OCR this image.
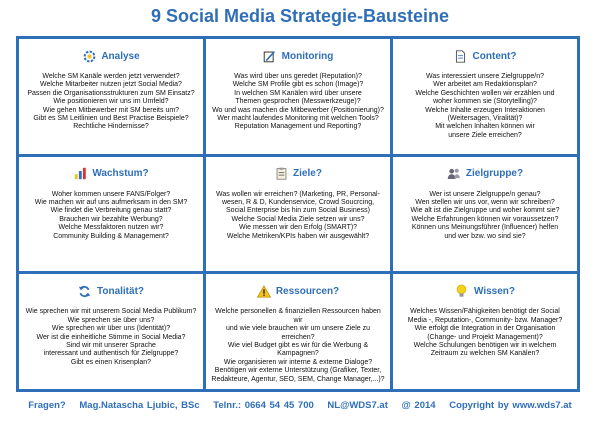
9 Social Media Strategie-Bausteine
Analyse
Welche SM Kanäle werden jetzt verwendet?
Welche Mitarbeiter nutzen jetzt Social Media?
Passen die Organisationsstrukturen zum SM Einsatz?
Wie positionieren wir uns im Umfeld?
Wie gehen Mitbewerber mit SM bereits um?
Gibt es SM Leitlinien und Best Practise Beispiele?
Rechtliche Hindernisse?
Monitoring
Was wird über uns geredet (Reputation)?
Welche SM Profile gibt es schon (Image)?
In welchen SM Kanälen wird über unsere
Themen gesprochen (Messwerkzeuge)?
Wo und was machen die Mitbewerber (Positionierung)?
Wer macht laufendes Monitoring mit welchen Tools?
Reputation Management und Reporting?
Content?
Was interessiert unsere Zielgruppe/n?
Wer arbeitet am Redaktionsplan?
Welche Geschichten wollen wir erzählen und
woher kommen sie (Storytelling)?
Welche Inhalte erzeugen Interaktionen
(Weitersagen, Viralität)?
Mit welchen Inhalten können wir
unsere Ziele erreichen?
Wachstum?
Woher kommen unsere FANS/Folger?
Wie machen wir auf uns aufmerksam in den SM?
Wie findet die Verbreitung genau statt?
Brauchen wir bezahlte Werbung?
Welche Messfaktoren nutzen wir?
Community Building & Management?
Ziele?
Was wollen wir erreichen? (Marketing, PR, Personal-
wesen, R & D, Kundenservice, Crowd Soucrcing,
Social Enterprise bis hin zum Social Business)
Welche Social Media Ziele setzen wir uns?
Wie messen wir den Erfolg (SMART)?
Welche Metriken/KPIs haben wir ausgewählt?
Zielgruppe?
Wer ist unsere Zielgruppe/n genau?
Wen stellen wir uns vor, wenn wir schreiben?
Wie alt ist die Zielgruppe und woher kommt sie?
Welche Erfahrungen können wir voraussetzen?
Können uns Meinungsführer (Influencer) helfen
und wer bzw. wo sind sie?
Tonalität?
Wie sprechen wir mit unserem Social Media Publikum?
Wie sprechen sie über uns?
Wie sprechen wir über uns (Identität)?
Wer ist die einheitliche Stimme in Social Media?
Sind wir mit unserer Sprache
interessant und authentisch für Zielgruppe?
Gibt es einen Krisenplan?
Ressourcen?
Welche personellen & finanziellen Ressourcen haben wir
und wie viele brauchen wir um unsere Ziele zu erreichen?
Wie viel Budget gibt es wir für die Werbung & Kampagnen?
Wie organisieren wir interne & externe Dialoge?
Benötigen wir externe Unterstützung (Grafiker, Texter,
Redakteure, Agentur, SEO, SEM, Change Manager,...)?
Wissen?
Welches Wissen/Fähigkeiten benötigt der Social
Media -, Reputation-, Community- bzw. Manager?
Wie erfolgt die Integration in der Organisation
(Change- und Projekt Management)?
Welche Schulungen benötigen wir in welchem
Zeitraum zu welchen SM Kanälen?
Fragen? Mag.Natascha Ljubic, BSc Telnr.: 0664 54 45 700 NL@WDS7.at @ 2014 Copyright by www.wds7.at
